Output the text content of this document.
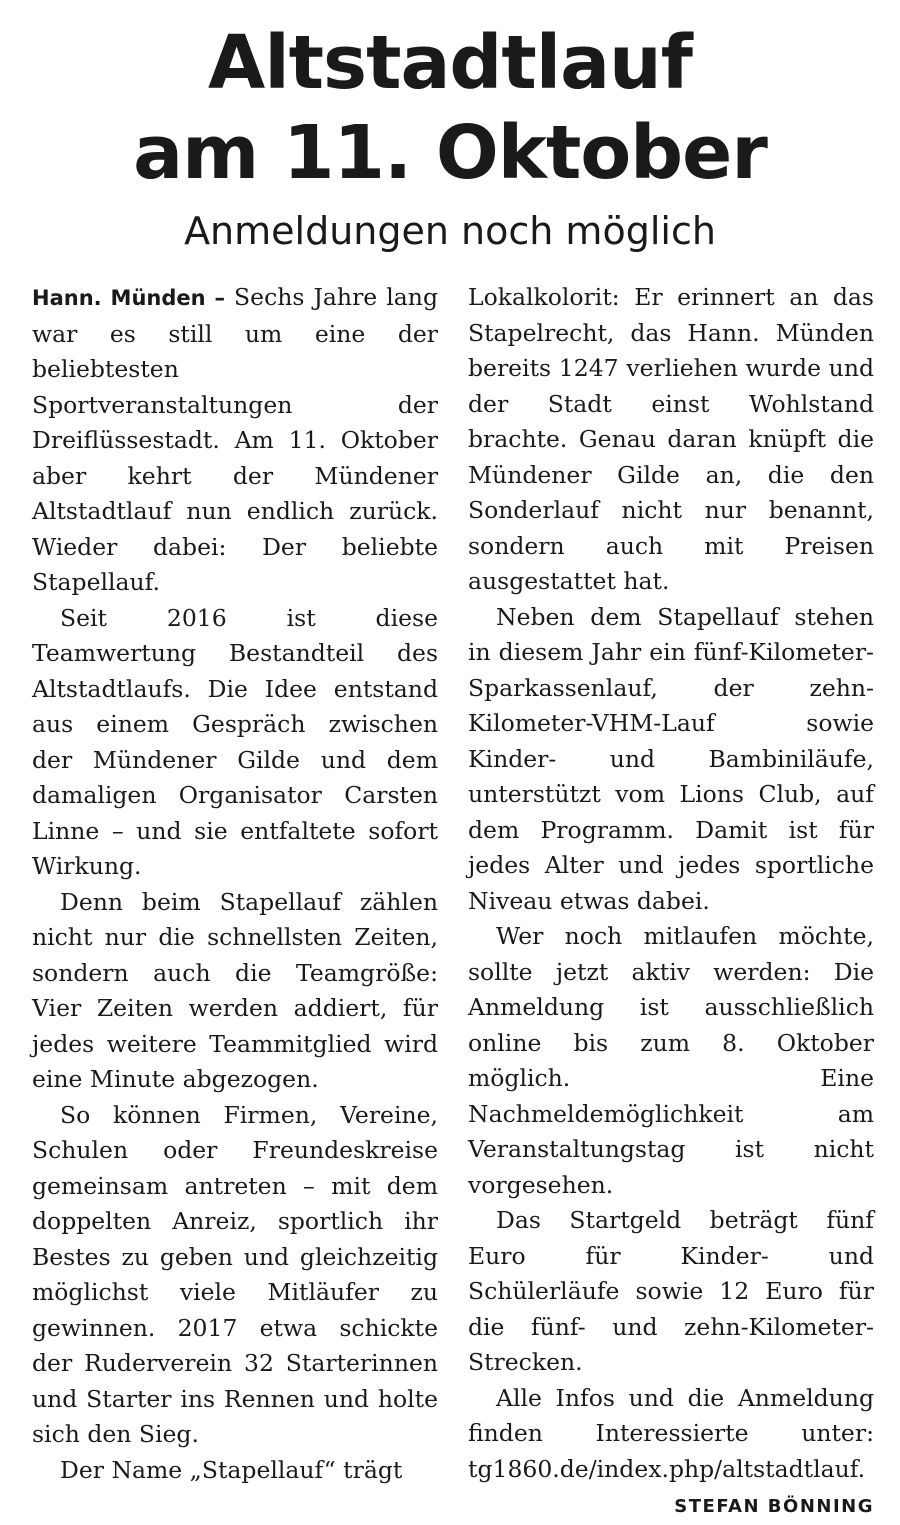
Altstadtlauf
am 11. Oktober
Anmeldungen noch möglich

Hann. Münden – Sechs Jahre lang war es still um eine der beliebtesten Sportveranstaltungen der Dreiflüssestadt. Am 11. Oktober aber kehrt der Mündener Altstadtlauf nun endlich zurück. Wieder dabei: Der beliebte Stapellauf.

Seit 2016 ist diese Teamwertung Bestandteil des Altstadtlaufs. Die Idee entstand aus einem Gespräch zwischen der Mündener Gilde und dem damaligen Organisator Carsten Linne – und sie entfaltete sofort Wirkung.

Denn beim Stapellauf zählen nicht nur die schnellsten Zeiten, sondern auch die Teamgröße: Vier Zeiten werden addiert, für jedes weitere Teammitglied wird eine Minute abgezogen.

So können Firmen, Vereine, Schulen oder Freundeskreise gemeinsam antreten – mit dem doppelten Anreiz, sportlich ihr Bestes zu geben und gleichzeitig möglichst viele Mitläufer zu gewinnen. 2017 etwa schickte der Ruderverein 32 Starterinnen und Starter ins Rennen und holte sich den Sieg.

Der Name „Stapellauf“ trägt

Lokalkolorit: Er erinnert an das Stapelrecht, das Hann. Münden bereits 1247 verliehen wurde und der Stadt einst Wohlstand brachte. Genau daran knüpft die Mündener Gilde an, die den Sonderlauf nicht nur benannt, sondern auch mit Preisen ausgestattet hat.

Neben dem Stapellauf stehen in diesem Jahr ein fünf-Kilometer-Sparkassenlauf, der zehn-Kilometer-VHM-Lauf sowie Kinder- und Bambiniläufe, unterstützt vom Lions Club, auf dem Programm. Damit ist für jedes Alter und jedes sportliche Niveau etwas dabei.

Wer noch mitlaufen möchte, sollte jetzt aktiv werden: Die Anmeldung ist ausschließlich online bis zum 8. Oktober möglich. Eine Nachmeldemöglichkeit am Veranstaltungstag ist nicht vorgesehen.

Das Startgeld beträgt fünf Euro für Kinder- und Schülerläufe sowie 12 Euro für die fünf- und zehn-Kilometer-Strecken.

Alle Infos und die Anmeldung finden Interessierte unter: tg1860.de/index.php/altstadtlauf.
STEFAN BÖNNING
